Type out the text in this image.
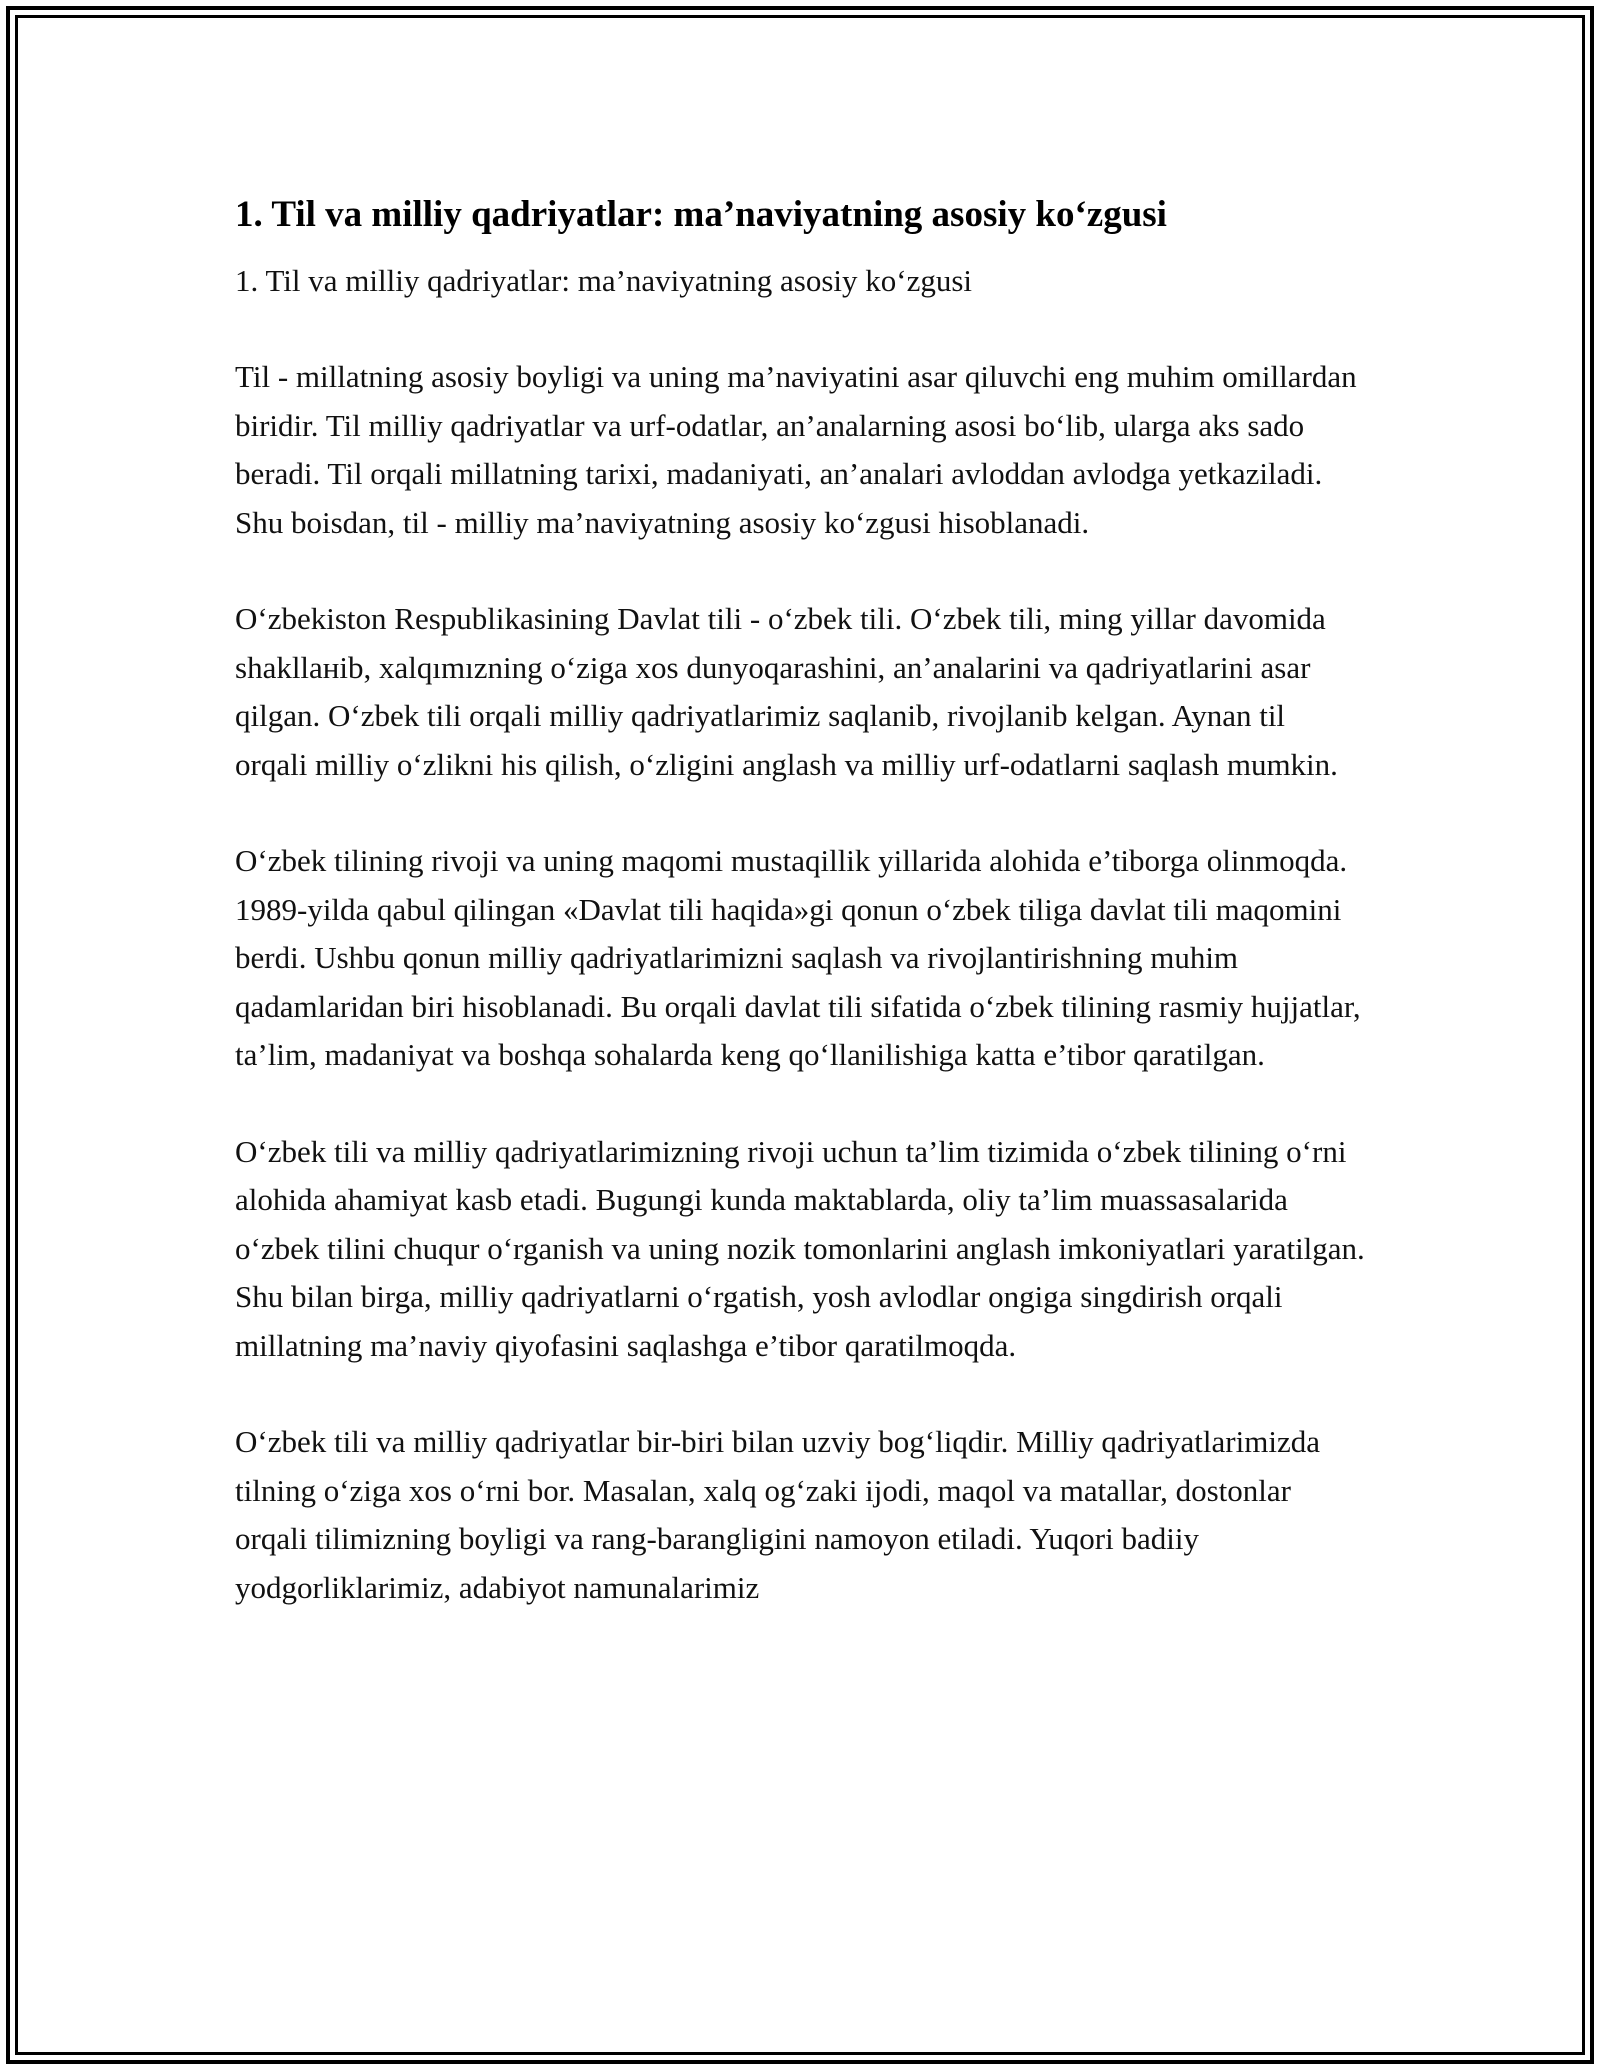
1. Til va milliy qadriyatlar: ma’naviyatning asosiy ko‘zgusi

1. Til va milliy qadriyatlar: ma’naviyatning asosiy ko‘zgusi

Til - millatning asosiy boyligi va uning ma’naviyatini asar qiluvchi eng muhim omillardan biridir. Til milliy qadriyatlar va urf-odatlar, an’analarning asosi bo‘lib, ularga aks sado beradi. Til orqali millatning tarixi, madaniyati, an’analari avloddan avlodga yetkaziladi. Shu boisdan, til - milliy ma’naviyatning asosiy ko‘zgusi hisoblanadi.

O‘zbekiston Respublikasining Davlat tili - o‘zbek tili. O‘zbek tili, ming yillar davomida shakllaнib, xalqımızning o‘ziga xos dunyoqarashini, an’analarini va qadriyatlarini asar qilgan. O‘zbek tili orqali milliy qadriyatlarimiz saqlanib, rivojlanib kelgan. Aynan til orqali milliy o‘zlikni his qilish, o‘zligini anglash va milliy urf-odatlarni saqlash mumkin.

O‘zbek tilining rivoji va uning maqomi mustaqillik yillarida alohida e’tiborga olinmoqda. 1989-yilda qabul qilingan «Davlat tili haqida»gi qonun o‘zbek tiliga davlat tili maqomini berdi. Ushbu qonun milliy qadriyatlarimizni saqlash va rivojlantirishning muhim qadamlaridan biri hisoblanadi. Bu orqali davlat tili sifatida o‘zbek tilining rasmiy hujjatlar, ta’lim, madaniyat va boshqa sohalarda keng qo‘llanilishiga katta e’tibor qaratilgan.

O‘zbek tili va milliy qadriyatlarimizning rivoji uchun ta’lim tizimida o‘zbek tilining o‘rni alohida ahamiyat kasb etadi. Bugungi kunda maktablarda, oliy ta’lim muassasalarida o‘zbek tilini chuqur o‘rganish va uning nozik tomonlarini anglash imkoniyatlari yaratilgan. Shu bilan birga, milliy qadriyatlarni o‘rgatish, yosh avlodlar ongiga singdirish orqali millatning ma’naviy qiyofasini saqlashga e’tibor qaratilmoqda.

O‘zbek tili va milliy qadriyatlar bir-biri bilan uzviy bog‘liqdir. Milliy qadriyatlarimizda tilning o‘ziga xos o‘rni bor. Masalan, xalq og‘zaki ijodi, maqol va matallar, dostonlar orqali tilimizning boyligi va rang-barangligini namoyon etiladi. Yuqori badiiy yodgorliklarimiz, adabiyot namunalarimiz
